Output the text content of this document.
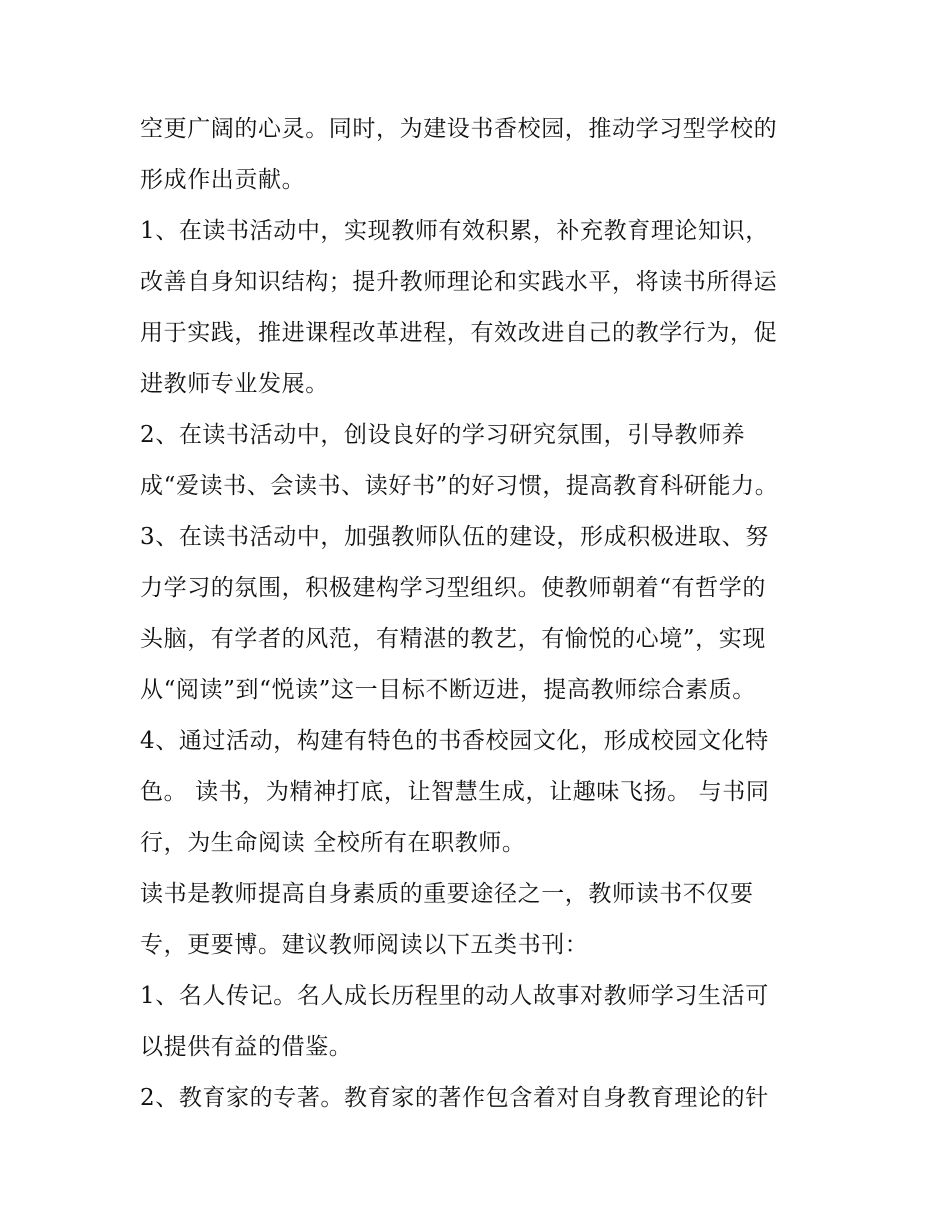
空更广阔的心灵。同时，为建设书香校园，推动学习型学校的
形成作出贡献。
1、在读书活动中，实现教师有效积累，补充教育理论知识，
改善自身知识结构；提升教师理论和实践水平，将读书所得运
用于实践，推进课程改革进程，有效改进自己的教学行为，促
进教师专业发展。
2、在读书活动中，创设良好的学习研究氛围，引导教师养
成“爱读书、会读书、读好书”的好习惯，提高教育科研能力。
3、在读书活动中，加强教师队伍的建设，形成积极进取、努
力学习的氛围，积极建构学习型组织。使教师朝着“有哲学的
头脑，有学者的风范，有精湛的教艺，有愉悦的心境”，实现
从“阅读”到“悦读”这一目标不断迈进，提高教师综合素质。
4、通过活动，构建有特色的书香校园文化，形成校园文化特
色。 读书，为精神打底，让智慧生成，让趣味飞扬。 与书同
行，为生命阅读 全校所有在职教师。
读书是教师提高自身素质的重要途径之一，教师读书不仅要
专，更要博。建议教师阅读以下五类书刊：
1、名人传记。名人成长历程里的动人故事对教师学习生活可
以提供有益的借鉴。
2、教育家的专著。教育家的著作包含着对自身教育理论的针
